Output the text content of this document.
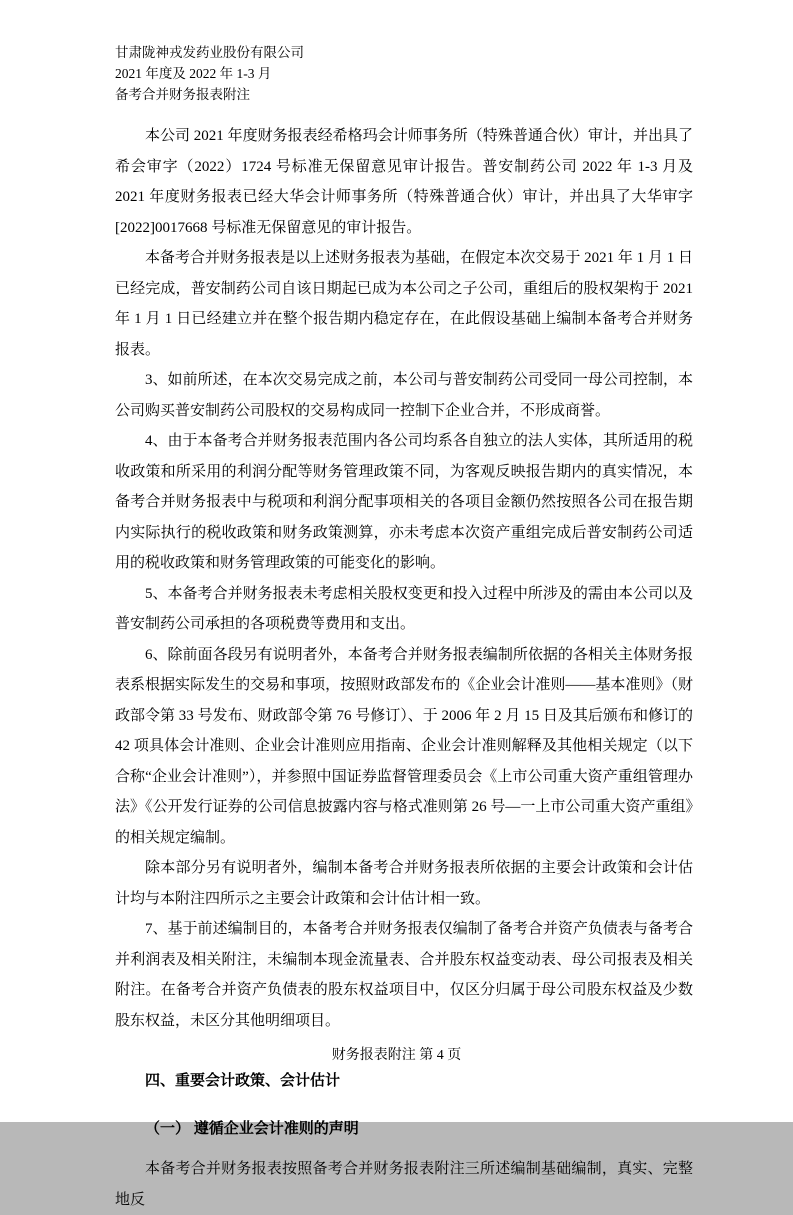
甘肃陇神戎发药业股份有限公司
2021 年度及 2022 年 1-3 月
备考合并财务报表附注

本公司 2021 年度财务报表经希格玛会计师事务所（特殊普通合伙）审计，并出具了希会审字（2022）1724 号标准无保留意见审计报告。普安制药公司 2022 年 1-3 月及 2021 年度财务报表已经大华会计师事务所（特殊普通合伙）审计，并出具了大华审字[2022]0017668 号标准无保留意见的审计报告。

本备考合并财务报表是以上述财务报表为基础，在假定本次交易于 2021 年 1 月 1 日已经完成，普安制药公司自该日期起已成为本公司之子公司，重组后的股权架构于 2021 年 1 月 1 日已经建立并在整个报告期内稳定存在，在此假设基础上编制本备考合并财务报表。

3、如前所述，在本次交易完成之前，本公司与普安制药公司受同一母公司控制，本公司购买普安制药公司股权的交易构成同一控制下企业合并，不形成商誉。

4、由于本备考合并财务报表范围内各公司均系各自独立的法人实体，其所适用的税收政策和所采用的利润分配等财务管理政策不同，为客观反映报告期内的真实情况，本备考合并财务报表中与税项和利润分配事项相关的各项目金额仍然按照各公司在报告期内实际执行的税收政策和财务政策测算，亦未考虑本次资产重组完成后普安制药公司适用的税收政策和财务管理政策的可能变化的影响。

5、本备考合并财务报表未考虑相关股权变更和投入过程中所涉及的需由本公司以及普安制药公司承担的各项税费等费用和支出。

6、除前面各段另有说明者外，本备考合并财务报表编制所依据的各相关主体财务报表系根据实际发生的交易和事项，按照财政部发布的《企业会计准则——基本准则》（财政部令第 33 号发布、财政部令第 76 号修订）、于 2006 年 2 月 15 日及其后颁布和修订的 42 项具体会计准则、企业会计准则应用指南、企业会计准则解释及其他相关规定（以下合称“企业会计准则”），并参照中国证券监督管理委员会《上市公司重大资产重组管理办法》《公开发行证券的公司信息披露内容与格式准则第 26 号—一上市公司重大资产重组》的相关规定编制。

除本部分另有说明者外，编制本备考合并财务报表所依据的主要会计政策和会计估计均与本附注四所示之主要会计政策和会计估计相一致。

7、基于前述编制目的，本备考合并财务报表仅编制了备考合并资产负债表与备考合并利润表及相关附注，未编制本现金流量表、合并股东权益变动表、母公司报表及相关附注。在备考合并资产负债表的股东权益项目中，仅区分归属于母公司股东权益及少数股东权益，未区分其他明细项目。

四、重要会计政策、会计估计
（一） 遵循企业会计准则的声明

本备考合并财务报表按照备考合并财务报表附注三所述编制基础编制，真实、完整地反

财务报表附注 第 4 页
